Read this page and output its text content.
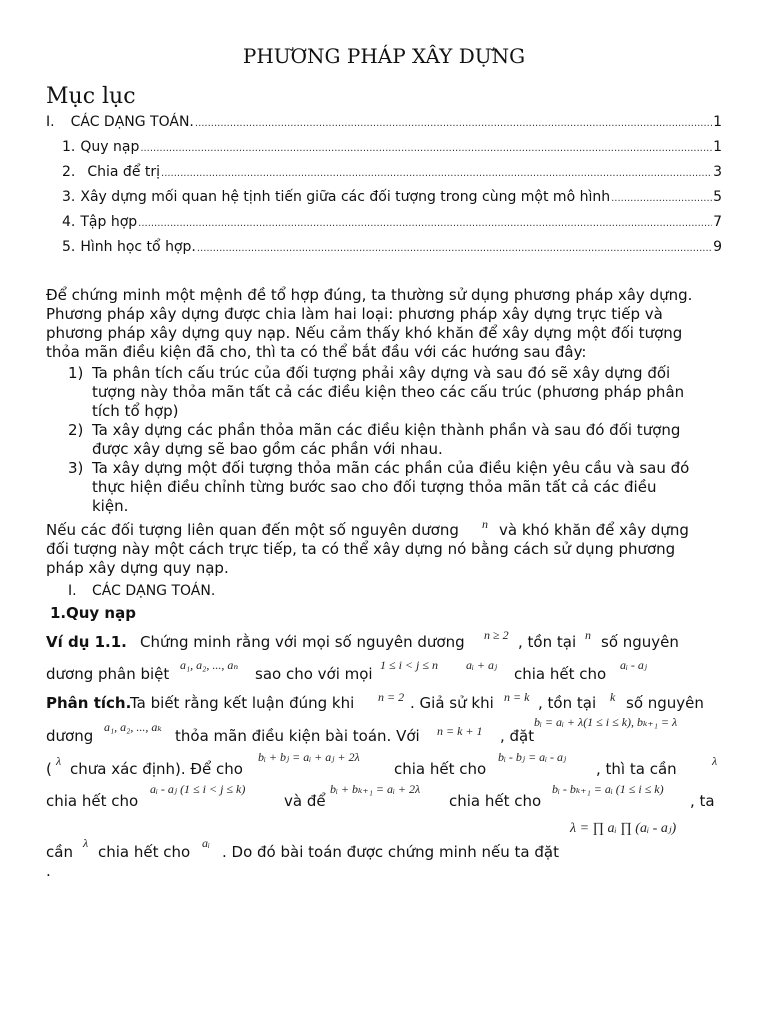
PHƯƠNG PHÁP XÂY DỰNG
Mục lục
I. CÁC DẠNG TOÁN. .....	1
1. Quy nạp .....	1
2. Chia để trị .....	3
3. Xây dựng mối quan hệ tịnh tiến giữa các đối tượng trong cùng một mô hình .....	5
4. Tập hợp .....	7
5. Hình học tổ hợp. .....	9
Để chứng minh một mệnh đề tổ hợp đúng, ta thường sử dụng phương pháp xây dựng.
Phương pháp xây dựng được chia làm hai loại: phương pháp xây dựng trực tiếp và
phương pháp xây dựng quy nạp. Nếu cảm thấy khó khăn để xây dựng một đối tượng
thỏa mãn điều kiện đã cho, thì ta có thể bắt đầu với các hướng sau đây:
1) Ta phân tích cấu trúc của đối tượng phải xây dựng và sau đó sẽ xây dựng đối
tượng này thỏa mãn tất cả các điều kiện theo các cấu trúc (phương pháp phân
tích tổ hợp)
2) Ta xây dựng các phần thỏa mãn các điều kiện thành phần và sau đó đối tượng
được xây dựng sẽ bao gồm các phần với nhau.
3) Ta xây dựng một đối tượng thỏa mãn các phần của điều kiện yêu cầu và sau đó
thực hiện điều chỉnh từng bước sao cho đối tượng thỏa mãn tất cả các điều
kiện.
Nếu các đối tượng liên quan đến một số nguyên dương n và khó khăn để xây dựng
đối tượng này một cách trực tiếp, ta có thể xây dựng nó bằng cách sử dụng phương
pháp xây dựng quy nạp.
I. CÁC DẠNG TOÁN.
1. Quy nạp
Ví dụ 1.1. Chứng minh rằng với mọi số nguyên dương n ≥ 2 , tồn tại n số nguyên
dương phân biệt a₁, a₂, ..., aₙ sao cho với mọi 1 ≤ i < j ≤ n aᵢ + aⱼ chia hết cho aᵢ - aⱼ
Phân tích.
Ta biết rằng kết luận đúng khi n = 2 . Giả sử khi n = k , tồn tại k số nguyên
dương a₁, a₂, ..., aₖ thỏa mãn điều kiện bài toán. Với n = k + 1 , đặt
bᵢ = aᵢ + λ(1 ≤ i ≤ k), bₖ₊₁ = λ
( λ chưa xác định). Để cho
bᵢ + bⱼ = aᵢ + aⱼ + 2λ
chia hết cho
bᵢ - bⱼ = aᵢ - aⱼ
, thì ta cần	λ
chia hết cho
aᵢ - aⱼ (1 ≤ i < j ≤ k)
và để
bᵢ + bₖ₊₁ = aᵢ + 2λ
chia hết cho
bᵢ - bₖ₊₁ = aᵢ (1 ≤ i ≤ k)
, ta
λ = ∏ aᵢ ∏ (aᵢ - aⱼ)
cần λ chia hết cho aᵢ . Do đó bài toán được chứng minh nếu ta đặt
.
